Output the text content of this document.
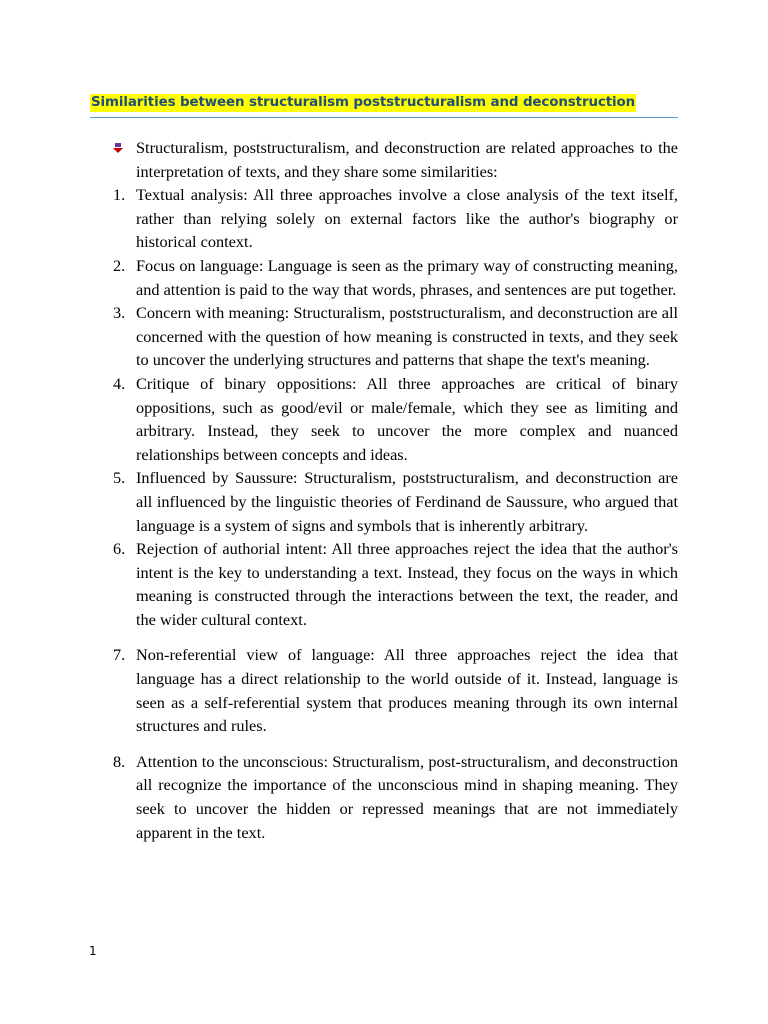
Similarities between structuralism poststructuralism and deconstruction
Structuralism, poststructuralism, and deconstruction are related approaches to the interpretation of texts, and they share some similarities:
1. Textual analysis: All three approaches involve a close analysis of the text itself, rather than relying solely on external factors like the author's biography or historical context.
2. Focus on language: Language is seen as the primary way of constructing meaning, and attention is paid to the way that words, phrases, and sentences are put together.
3. Concern with meaning: Structuralism, poststructuralism, and deconstruction are all concerned with the question of how meaning is constructed in texts, and they seek to uncover the underlying structures and patterns that shape the text's meaning.
4. Critique of binary oppositions: All three approaches are critical of binary oppositions, such as good/evil or male/female, which they see as limiting and arbitrary. Instead, they seek to uncover the more complex and nuanced relationships between concepts and ideas.
5. Influenced by Saussure: Structuralism, poststructuralism, and deconstruction are all influenced by the linguistic theories of Ferdinand de Saussure, who argued that language is a system of signs and symbols that is inherently arbitrary.
6. Rejection of authorial intent: All three approaches reject the idea that the author's intent is the key to understanding a text. Instead, they focus on the ways in which meaning is constructed through the interactions between the text, the reader, and the wider cultural context.
7. Non-referential view of language: All three approaches reject the idea that language has a direct relationship to the world outside of it. Instead, language is seen as a self-referential system that produces meaning through its own internal structures and rules.
8. Attention to the unconscious: Structuralism, post-structuralism, and deconstruction all recognize the importance of the unconscious mind in shaping meaning. They seek to uncover the hidden or repressed meanings that are not immediately apparent in the text.
1
